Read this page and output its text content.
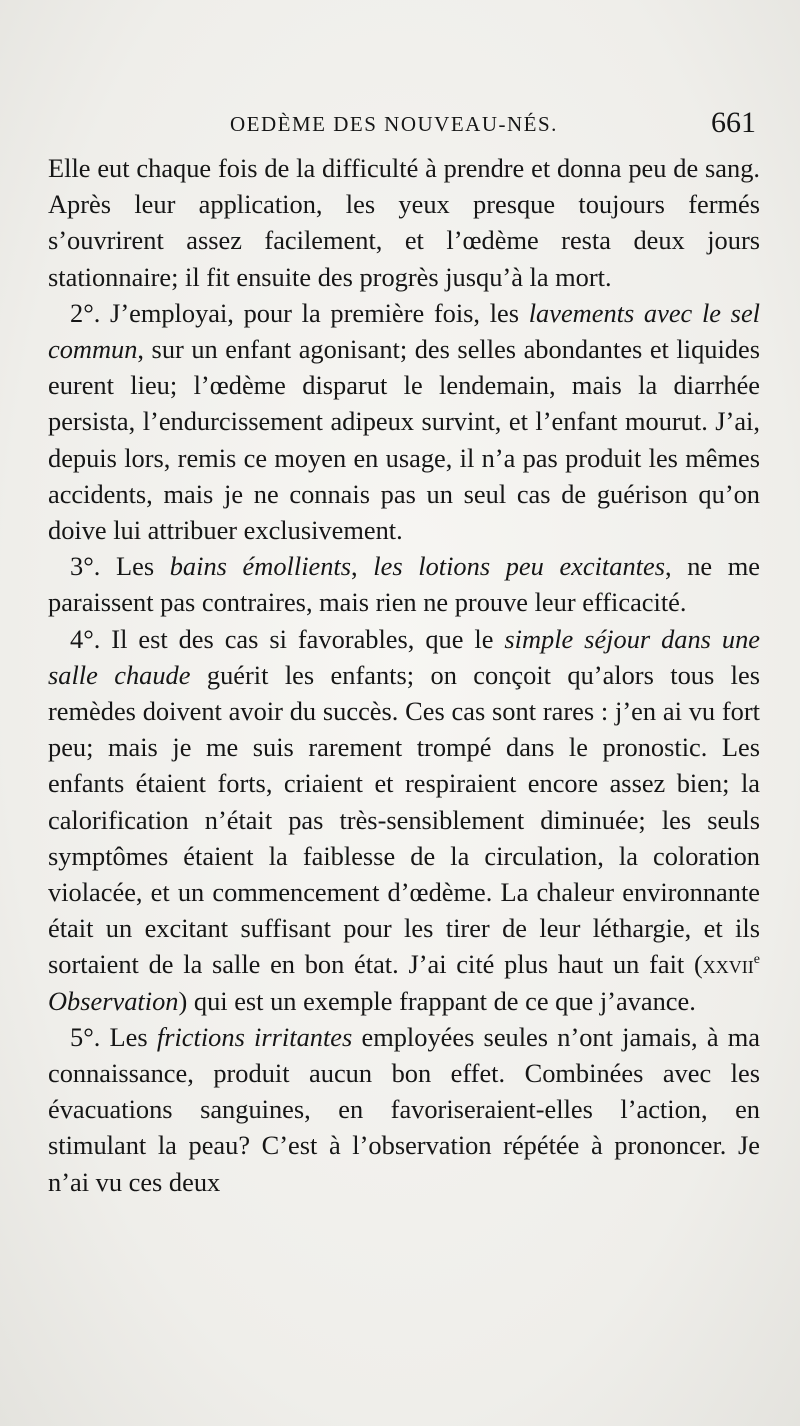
OEDÈME DES NOUVEAU-NÉS.	661

Elle eut chaque fois de la difficulté à prendre et donna peu de sang. Après leur application, les yeux presque toujours fermés s’ouvrirent assez facilement, et l’œdème resta deux jours stationnaire; il fit ensuite des progrès jusqu’à la mort.

2°. J’employai, pour la première fois, les lavements avec le sel commun, sur un enfant agonisant; des selles abondantes et liquides eurent lieu; l’œdème disparut le lendemain, mais la diarrhée persista, l’endurcissement adipeux survint, et l’enfant mourut. J’ai, depuis lors, remis ce moyen en usage, il n’a pas produit les mêmes accidents, mais je ne connais pas un seul cas de guérison qu’on doive lui attribuer exclusivement.

3°. Les bains émollients, les lotions peu excitantes, ne me paraissent pas contraires, mais rien ne prouve leur efficacité.

4°. Il est des cas si favorables, que le simple séjour dans une salle chaude guérit les enfants; on conçoit qu’alors tous les remèdes doivent avoir du succès. Ces cas sont rares : j’en ai vu fort peu; mais je me suis rarement trompé dans le pronostic. Les enfants étaient forts, criaient et respiraient encore assez bien; la calorification n’était pas très-sensiblement diminuée; les seuls symptômes étaient la faiblesse de la circulation, la coloration violacée, et un commencement d’œdème. La chaleur environnante était un excitant suffisant pour les tirer de leur léthargie, et ils sortaient de la salle en bon état. J’ai cité plus haut un fait (xxvii$^e$ Observation) qui est un exemple frappant de ce que j’avance.

5°. Les frictions irritantes employées seules n’ont jamais, à ma connaissance, produit aucun bon effet. Combinées avec les évacuations sanguines, en favoriseraient-elles l’action, en stimulant la peau? C’est à l’observation répétée à prononcer. Je n’ai vu ces deux
